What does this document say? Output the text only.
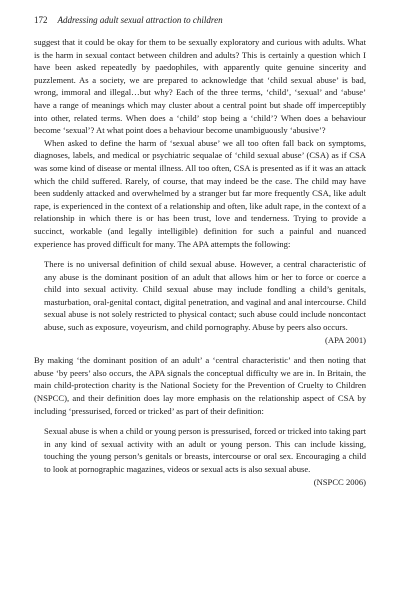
172 Addressing adult sexual attraction to children

suggest that it could be okay for them to be sexually exploratory and curious with adults. What is the harm in sexual contact between children and adults? This is certainly a question which I have been asked repeatedly by paedophiles, with apparently quite genuine sincerity and puzzlement. As a society, we are prepared to acknowledge that ‘child sexual abuse’ is bad, wrong, immoral and illegal…but why? Each of the three terms, ‘child’, ‘sexual’ and ‘abuse’ have a range of meanings which may cluster about a central point but shade off imperceptibly into other, related terms. When does a ‘child’ stop being a ‘child’? When does a behaviour become ‘sexual’? At what point does a behaviour become unambiguously ‘abusive’?

When asked to define the harm of ‘sexual abuse’ we all too often fall back on symptoms, diagnoses, labels, and medical or psychiatric sequalae of ‘child sexual abuse’ (CSA) as if CSA was some kind of disease or mental illness. All too often, CSA is presented as if it was an attack which the child suffered. Rarely, of course, that may indeed be the case. The child may have been suddenly attacked and overwhelmed by a stranger but far more frequently CSA, like adult rape, is experienced in the context of a relationship and often, like adult rape, in the context of a relationship in which there is or has been trust, love and tenderness. Trying to provide a succinct, workable (and legally intelligible) definition for such a painful and nuanced experience has proved difficult for many. The APA attempts the following:

There is no universal definition of child sexual abuse. However, a central characteristic of any abuse is the dominant position of an adult that allows him or her to force or coerce a child into sexual activity. Child sexual abuse may include fondling a child’s genitals, masturbation, oral-genital contact, digital penetration, and vaginal and anal intercourse. Child sexual abuse is not solely restricted to physical contact; such abuse could include noncontact abuse, such as exposure, voyeurism, and child pornography. Abuse by peers also occurs.

(APA 2001)

By making ‘the dominant position of an adult’ a ‘central characteristic’ and then noting that abuse ‘by peers’ also occurs, the APA signals the conceptual difficulty we are in. In Britain, the main child-protection charity is the National Society for the Prevention of Cruelty to Children (NSPCC), and their definition does lay more emphasis on the relationship aspect of CSA by including ‘pressurised, forced or tricked’ as part of their definition:

Sexual abuse is when a child or young person is pressurised, forced or tricked into taking part in any kind of sexual activity with an adult or young person. This can include kissing, touching the young person’s genitals or breasts, intercourse or oral sex. Encouraging a child to look at pornographic magazines, videos or sexual acts is also sexual abuse.

(NSPCC 2006)
